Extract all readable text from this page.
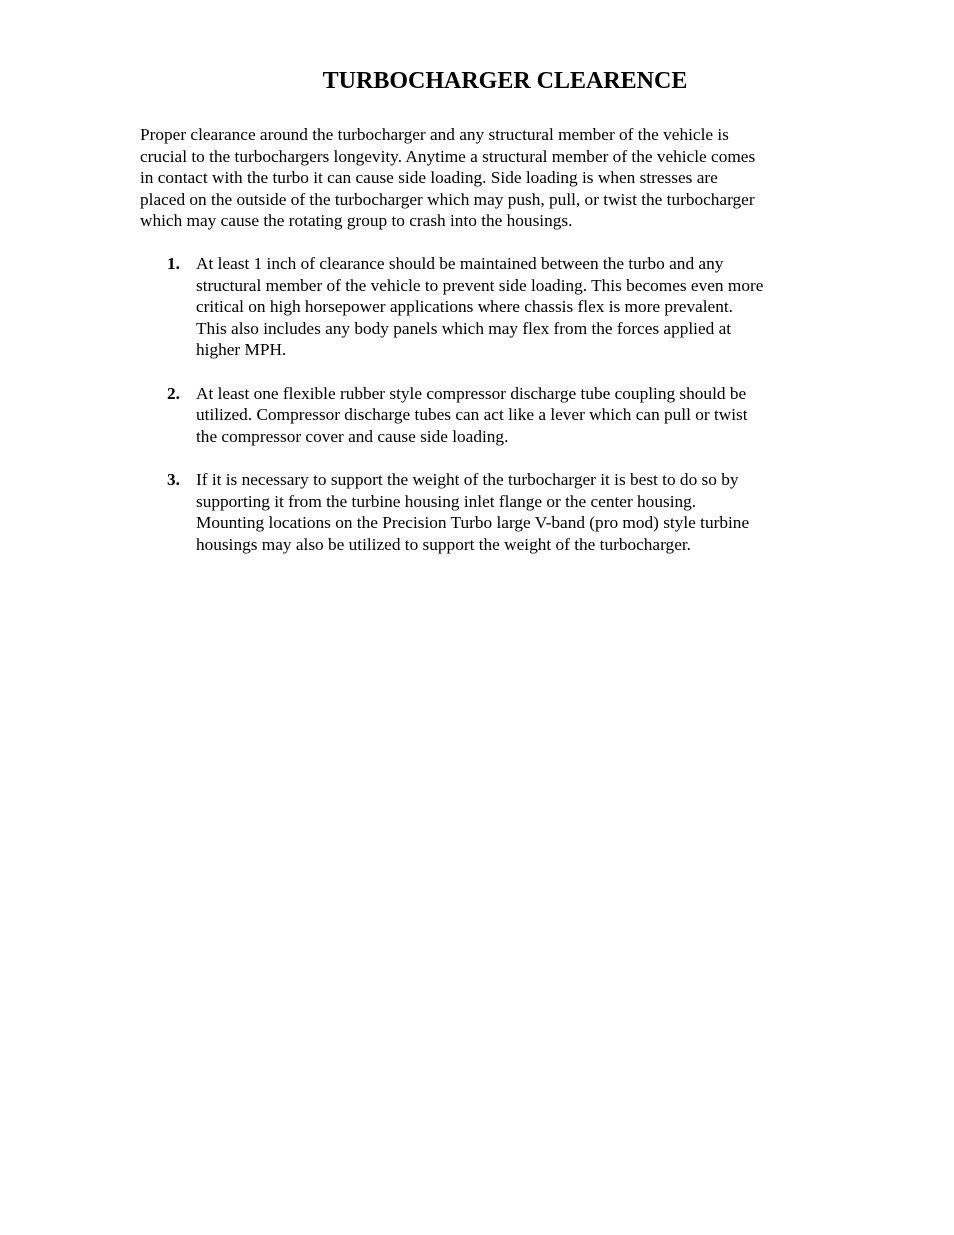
TURBOCHARGER CLEARENCE

Proper clearance around the turbocharger and any structural member of the vehicle is
crucial to the turbochargers longevity. Anytime a structural member of the vehicle comes
in contact with the turbo it can cause side loading. Side loading is when stresses are
placed on the outside of the turbocharger which may push, pull, or twist the turbocharger
which may cause the rotating group to crash into the housings.

1. At least 1 inch of clearance should be maintained between the turbo and any
structural member of the vehicle to prevent side loading. This becomes even more
critical on high horsepower applications where chassis flex is more prevalent.
This also includes any body panels which may flex from the forces applied at
higher MPH.
2. At least one flexible rubber style compressor discharge tube coupling should be
utilized. Compressor discharge tubes can act like a lever which can pull or twist
the compressor cover and cause side loading.
3. If it is necessary to support the weight of the turbocharger it is best to do so by
supporting it from the turbine housing inlet flange or the center housing.
Mounting locations on the Precision Turbo large V-band (pro mod) style turbine
housings may also be utilized to support the weight of the turbocharger.
